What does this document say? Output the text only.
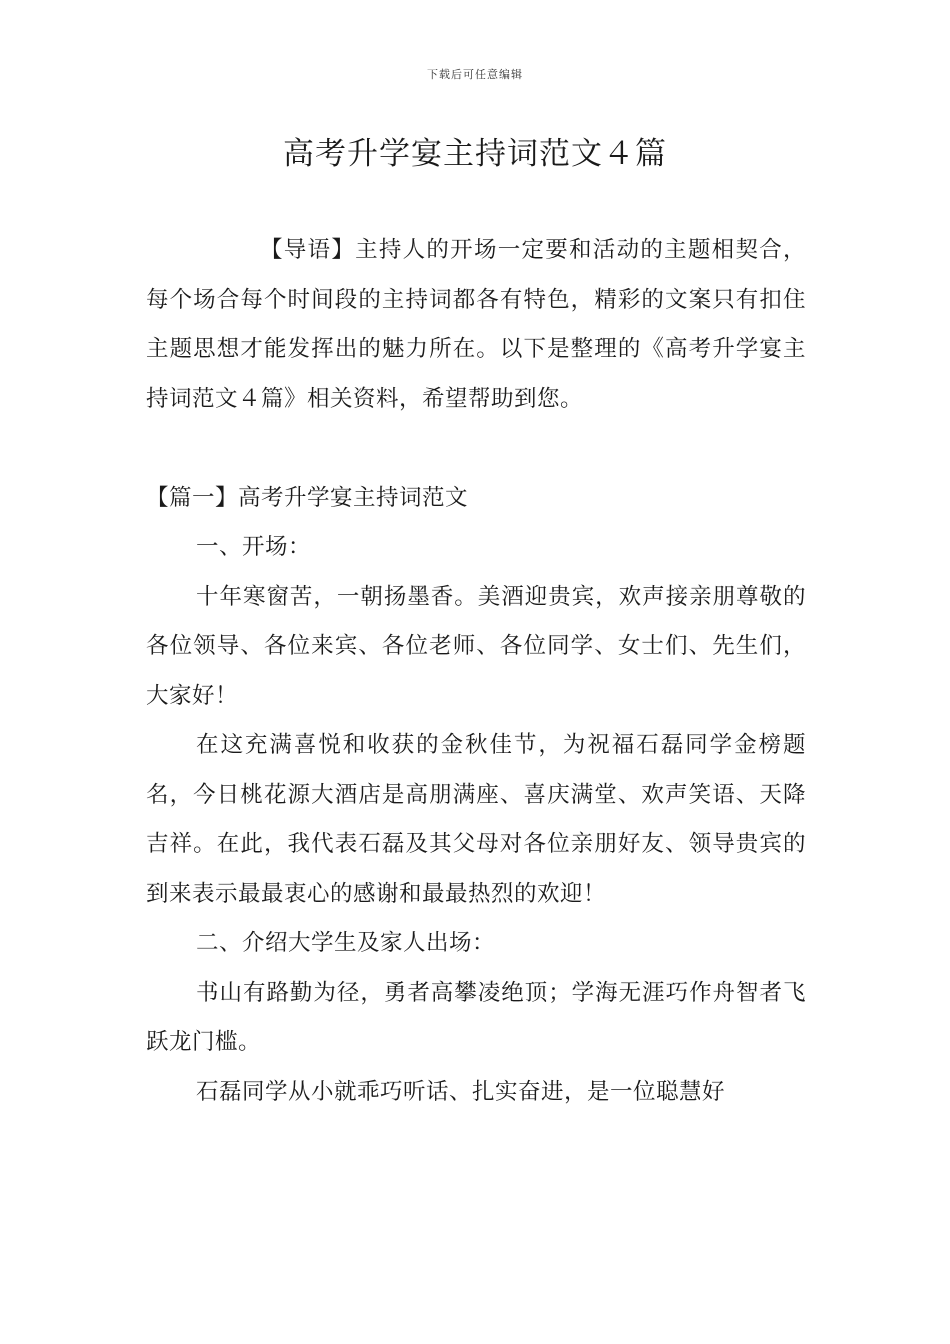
下载后可任意编辑
高考升学宴主持词范文４篇

【导语】主持人的开场一定要和活动的主题相契合，每个场合每个时间段的主持词都各有特色，精彩的文案只有扣住主题思想才能发挥出的魅力所在。以下是整理的《高考升学宴主持词范文４篇》相关资料，希望帮助到您。

【篇一】高考升学宴主持词范文

一、开场：

十年寒窗苦，一朝扬墨香。美酒迎贵宾，欢声接亲朋尊敬的各位领导、各位来宾、各位老师、各位同学、女士们、先生们，大家好！

在这充满喜悦和收获的金秋佳节，为祝福石磊同学金榜题名，今日桃花源大酒店是高朋满座、喜庆满堂、欢声笑语、天降吉祥。在此，我代表石磊及其父母对各位亲朋好友、领导贵宾的到来表示最最衷心的感谢和最最热烈的欢迎！

二、介绍大学生及家人出场：

书山有路勤为径，勇者高攀凌绝顶；学海无涯巧作舟智者飞跃龙门槛。

石磊同学从小就乖巧听话、扎实奋进，是一位聪慧好
